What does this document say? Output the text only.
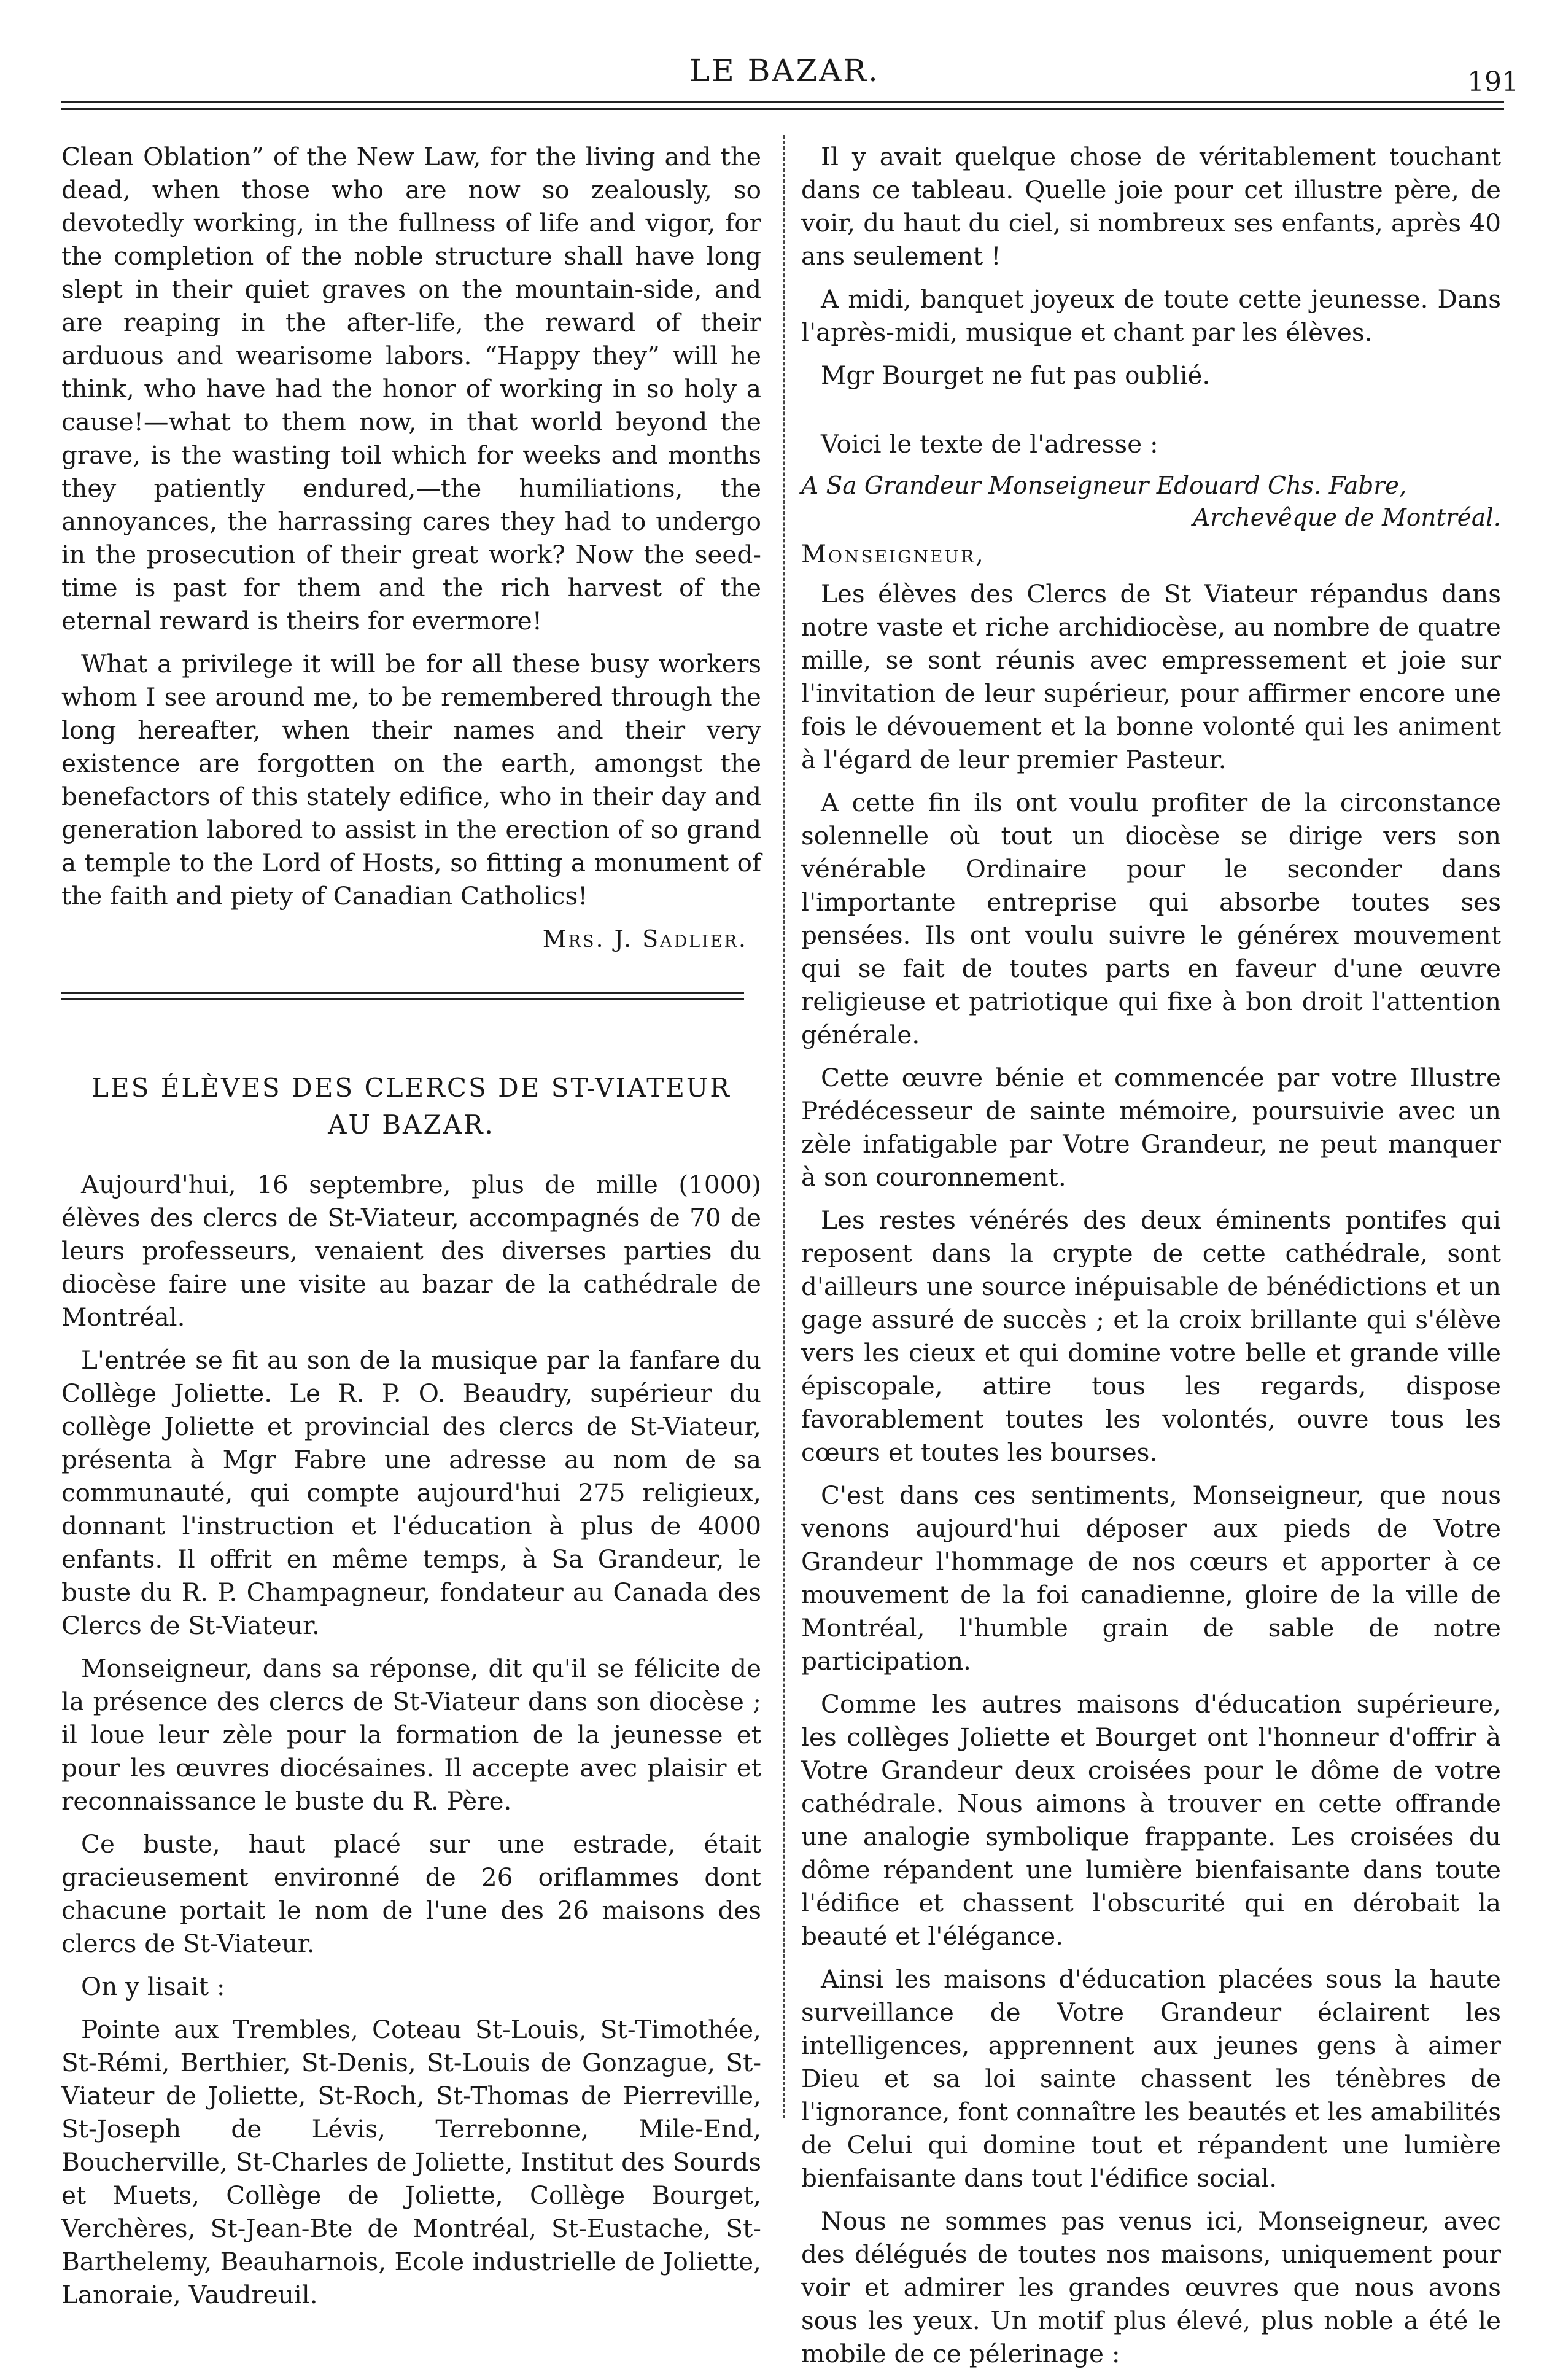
LE BAZAR.	191

Clean Oblation” of the New Law, for the living and the dead, when those who are now so zealously, so devotedly working, in the fullness of life and vigor, for the completion of the noble structure shall have long slept in their quiet graves on the mountain-side, and are reaping in the after-life, the reward of their arduous and wearisome labors. “Happy they” will he think, who have had the honor of working in so holy a cause!—what to them now, in that world beyond the grave, is the wasting toil which for weeks and months they patiently endured,—the humiliations, the annoyances, the harrassing cares they had to undergo in the prosecution of their great work? Now the seed-time is past for them and the rich harvest of the eternal reward is theirs for evermore!

What a privilege it will be for all these busy workers whom I see around me, to be remembered through the long hereafter, when their names and their very existence are forgotten on the earth, amongst the benefactors of this stately edifice, who in their day and generation labored to assist in the erection of so grand a temple to the Lord of Hosts, so fitting a monument of the faith and piety of Canadian Catholics!

Mrs. J. Sadlier.

LES ÉLÈVES DES CLERCS DE ST-VIATEUR
AU BAZAR.

Aujourd'hui, 16 septembre, plus de mille (1000) élèves des clercs de St-Viateur, accompagnés de 70 de leurs professeurs, venaient des diverses parties du diocèse faire une visite au bazar de la cathédrale de Montréal.

L'entrée se fit au son de la musique par la fanfare du Collège Joliette. Le R. P. O. Beaudry, supérieur du collège Joliette et provincial des clercs de St-Viateur, présenta à Mgr Fabre une adresse au nom de sa communauté, qui compte aujourd'hui 275 religieux, donnant l'instruction et l'éducation à plus de 4000 enfants. Il offrit en même temps, à Sa Grandeur, le buste du R. P. Champagneur, fondateur au Canada des Clercs de St-Viateur.

Monseigneur, dans sa réponse, dit qu'il se félicite de la présence des clercs de St-Viateur dans son diocèse ; il loue leur zèle pour la formation de la jeunesse et pour les œuvres diocésaines. Il accepte avec plaisir et reconnaissance le buste du R. Père.

Ce buste, haut placé sur une estrade, était gracieusement environné de 26 oriflammes dont chacune portait le nom de l'une des 26 maisons des clercs de St-Viateur.

On y lisait :

Pointe aux Trembles, Coteau St-Louis, St-Timothée, St-Rémi, Berthier, St-Denis, St-Louis de Gonzague, St-Viateur de Joliette, St-Roch, St-Thomas de Pierreville, St-Joseph de Lévis, Terrebonne, Mile-End, Boucherville, St-Charles de Joliette, Institut des Sourds et Muets, Collège de Joliette, Collège Bourget, Verchères, St-Jean-Bte de Montréal, St-Eustache, St-Barthelemy, Beauharnois, Ecole industrielle de Joliette, Lanoraie, Vaudreuil.

Il y avait quelque chose de véritablement touchant dans ce tableau. Quelle joie pour cet illustre père, de voir, du haut du ciel, si nombreux ses enfants, après 40 ans seulement !

A midi, banquet joyeux de toute cette jeunesse. Dans l'après-midi, musique et chant par les élèves.

Mgr Bourget ne fut pas oublié.

Voici le texte de l'adresse :

A Sa Grandeur Monseigneur Edouard Chs. Fabre,

Archevêque de Montréal.

Monseigneur,

Les élèves des Clercs de St Viateur répandus dans notre vaste et riche archidiocèse, au nombre de quatre mille, se sont réunis avec empressement et joie sur l'invitation de leur supérieur, pour affirmer encore une fois le dévouement et la bonne volonté qui les animent à l'égard de leur premier Pasteur.

A cette fin ils ont voulu profiter de la circonstance solennelle où tout un diocèse se dirige vers son vénérable Ordinaire pour le seconder dans l'importante entreprise qui absorbe toutes ses pensées. Ils ont voulu suivre le générex mouvement qui se fait de toutes parts en faveur d'une œuvre religieuse et patriotique qui fixe à bon droit l'attention générale.

Cette œuvre bénie et commencée par votre Illustre Prédécesseur de sainte mémoire, poursuivie avec un zèle infatigable par Votre Grandeur, ne peut manquer à son couronnement.

Les restes vénérés des deux éminents pontifes qui reposent dans la crypte de cette cathédrale, sont d'ailleurs une source inépuisable de bénédictions et un gage assuré de succès ; et la croix brillante qui s'élève vers les cieux et qui domine votre belle et grande ville épiscopale, attire tous les regards, dispose favorablement toutes les volontés, ouvre tous les cœurs et toutes les bourses.

C'est dans ces sentiments, Monseigneur, que nous venons aujourd'hui déposer aux pieds de Votre Grandeur l'hommage de nos cœurs et apporter à ce mouvement de la foi canadienne, gloire de la ville de Montréal, l'humble grain de sable de notre participation.

Comme les autres maisons d'éducation supérieure, les collèges Joliette et Bourget ont l'honneur d'offrir à Votre Grandeur deux croisées pour le dôme de votre cathédrale. Nous aimons à trouver en cette offrande une analogie symbolique frappante. Les croisées du dôme répandent une lumière bienfaisante dans toute l'édifice et chassent l'obscurité qui en dérobait la beauté et l'élégance.

Ainsi les maisons d'éducation placées sous la haute surveillance de Votre Grandeur éclairent les intelligences, apprennent aux jeunes gens à aimer Dieu et sa loi sainte chassent les ténèbres de l'ignorance, font connaître les beautés et les amabilités de Celui qui domine tout et répandent une lumière bienfaisante dans tout l'édifice social.

Nous ne sommes pas venus ici, Monseigneur, avec des délégués de toutes nos maisons, uniquement pour voir et admirer les grandes œuvres que nous avons sous les yeux. Un motif plus élevé, plus noble a été le mobile de ce pélerinage :
